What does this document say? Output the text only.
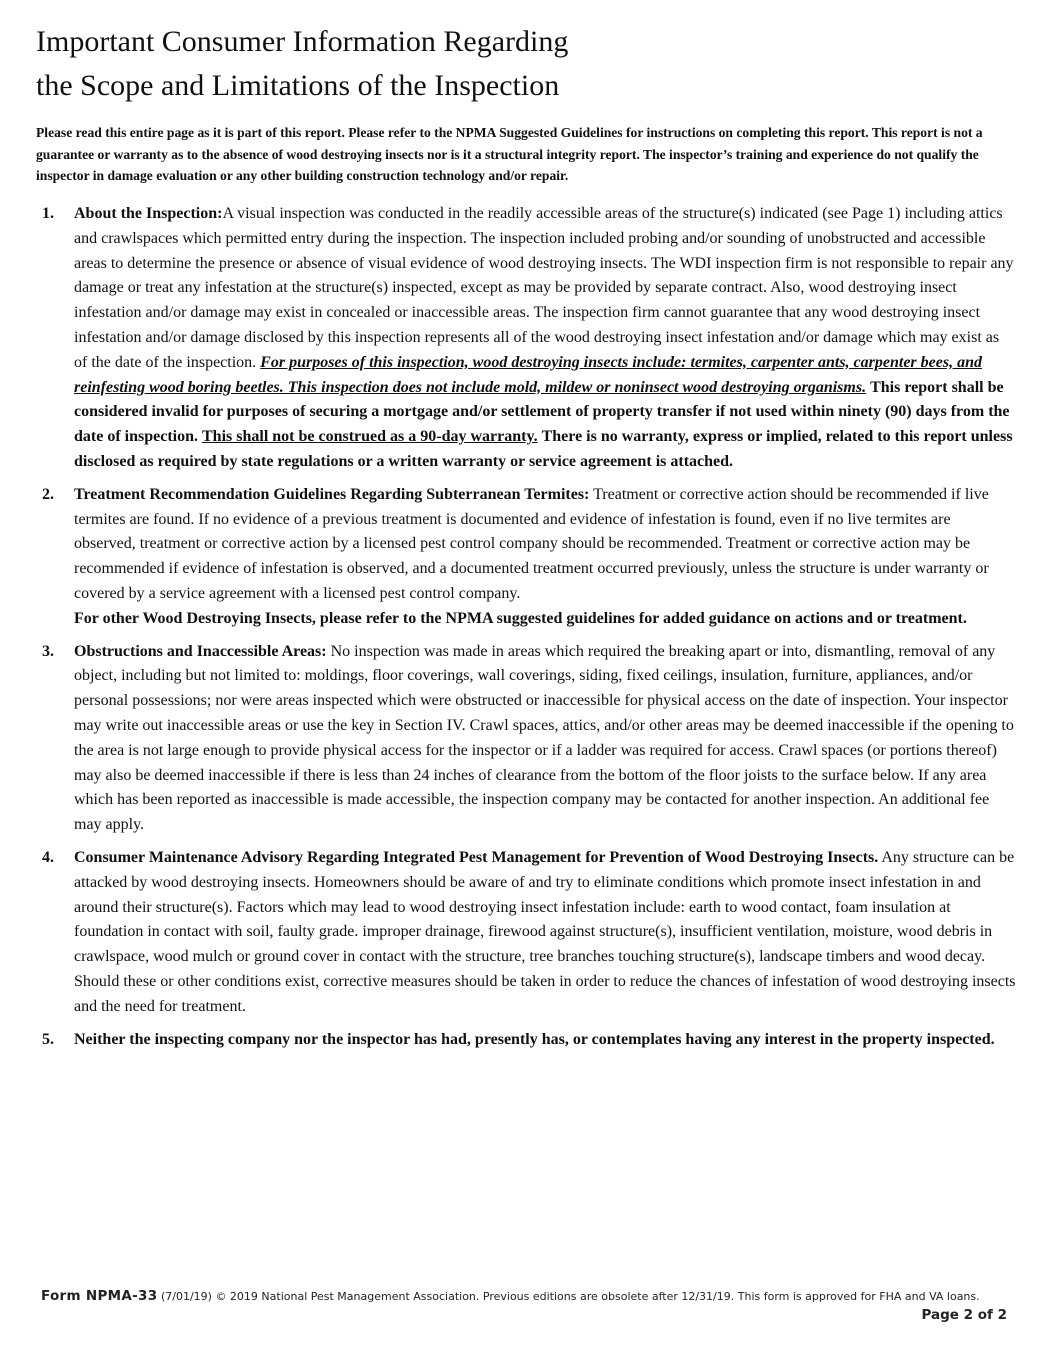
Important Consumer Information Regarding
the Scope and Limitations of the Inspection

Please read this entire page as it is part of this report. Please refer to the NPMA Suggested Guidelines for instructions on completing this report. This report is not a guarantee or warranty as to the absence of wood destroying insects nor is it a structural integrity report. The inspector’s training and experience do not qualify the inspector in damage evaluation or any other building construction technology and/or repair.

1. About the Inspection:A visual inspection was conducted in the readily accessible areas of the structure(s) indicated (see Page 1) including attics and crawlspaces which permitted entry during the inspection. The inspection included probing and/or sounding of unobstructed and accessible areas to determine the presence or absence of visual evidence of wood destroying insects. The WDI inspection firm is not responsible to repair any damage or treat any infestation at the structure(s) inspected, except as may be provided by separate contract. Also, wood destroying insect infestation and/or damage may exist in concealed or inaccessible areas. The inspection firm cannot guarantee that any wood destroying insect infestation and/or damage disclosed by this inspection represents all of the wood destroying insect infestation and/or damage which may exist as of the date of the inspection. For purposes of this inspection, wood destroying insects include: termites, carpenter ants, carpenter bees, and reinfesting wood boring beetles. This inspection does not include mold, mildew or noninsect wood destroying organisms. This report shall be considered invalid for purposes of securing a mortgage and/or settlement of property transfer if not used within ninety (90) days from the date of inspection. This shall not be construed as a 90-day warranty. There is no warranty, express or implied, related to this report unless disclosed as required by state regulations or a written warranty or service agreement is attached.

2. Treatment Recommendation Guidelines Regarding Subterranean Termites: Treatment or corrective action should be recommended if live termites are found. If no evidence of a previous treatment is documented and evidence of infestation is found, even if no live termites are observed, treatment or corrective action by a licensed pest control company should be recommended. Treatment or corrective action may be recommended if evidence of infestation is observed, and a documented treatment occurred previously, unless the structure is under warranty or covered by a service agreement with a licensed pest control company.

For other Wood Destroying Insects, please refer to the NPMA suggested guidelines for added guidance on actions and or treatment.

3. Obstructions and Inaccessible Areas: No inspection was made in areas which required the breaking apart or into, dismantling, removal of any object, including but not limited to: moldings, floor coverings, wall coverings, siding, fixed ceilings, insulation, furniture, appliances, and/or personal possessions; nor were areas inspected which were obstructed or inaccessible for physical access on the date of inspection. Your inspector may write out inaccessible areas or use the key in Section IV. Crawl spaces, attics, and/or other areas may be deemed inaccessible if the opening to the area is not large enough to provide physical access for the inspector or if a ladder was required for access. Crawl spaces (or portions thereof) may also be deemed inaccessible if there is less than 24 inches of clearance from the bottom of the floor joists to the surface below. If any area which has been reported as inaccessible is made accessible, the inspection company may be contacted for another inspection. An additional fee may apply.

4. Consumer Maintenance Advisory Regarding Integrated Pest Management for Prevention of Wood Destroying Insects. Any structure can be attacked by wood destroying insects. Homeowners should be aware of and try to eliminate conditions which promote insect infestation in and around their structure(s). Factors which may lead to wood destroying insect infestation include: earth to wood contact, foam insulation at foundation in contact with soil, faulty grade. improper drainage, firewood against structure(s), insufficient ventilation, moisture, wood debris in crawlspace, wood mulch or ground cover in contact with the structure, tree branches touching structure(s), landscape timbers and wood decay. Should these or other conditions exist, corrective measures should be taken in order to reduce the chances of infestation of wood destroying insects and the need for treatment.

5. Neither the inspecting company nor the inspector has had, presently has, or contemplates having any interest in the property inspected.

Form NPMA-33 (7/01/19) © 2019 National Pest Management Association. Previous editions are obsolete after 12/31/19. This form is approved for FHA and VA loans.
Page 2 of 2
